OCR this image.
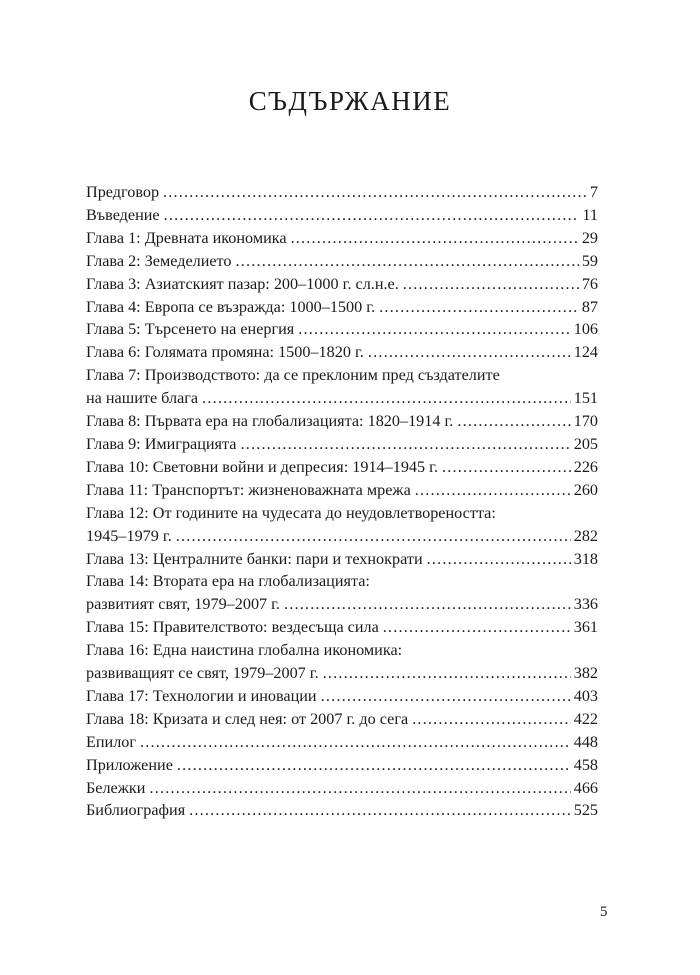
СЪДЪРЖАНИЕ
Предговор .....	7
Въведение .....	11
Глава 1: Древната икономика .....	29
Глава 2: Земеделието .....	59
Глава 3: Азиатският пазар: 200–1000 г. сл.н.е. .....	76
Глава 4: Европа се възражда: 1000–1500 г. .....	87
Глава 5: Търсенето на енергия .....	106
Глава 6: Голямата промяна: 1500–1820 г. .....	124
Глава 7: Производството: да се преклоним пред създателите
на нашите блага .....	151
Глава 8: Първата ера на глобализацията: 1820–1914 г. .....	170
Глава 9: Имиграцията .....	205
Глава 10: Световни войни и депресия: 1914–1945 г. .....	226
Глава 11: Транспортът: жизненоважната мрежа .....	260
Глава 12: От годините на чудесата до неудовлетвореността:
1945–1979 г. .....	282
Глава 13: Централните банки: пари и технократи .....	318
Глава 14: Втората ера на глобализацията:
развитият свят, 1979–2007 г. .....	336
Глава 15: Правителството: вездесъща сила .....	361
Глава 16: Една наистина глобална икономика:
развиващият се свят, 1979–2007 г. .....	382
Глава 17: Технологии и иновации .....	403
Глава 18: Кризата и след нея: от 2007 г. до сега .....	422
Епилог .....	448
Приложение .....	458
Бележки .....	466
Библиография .....	525
5
